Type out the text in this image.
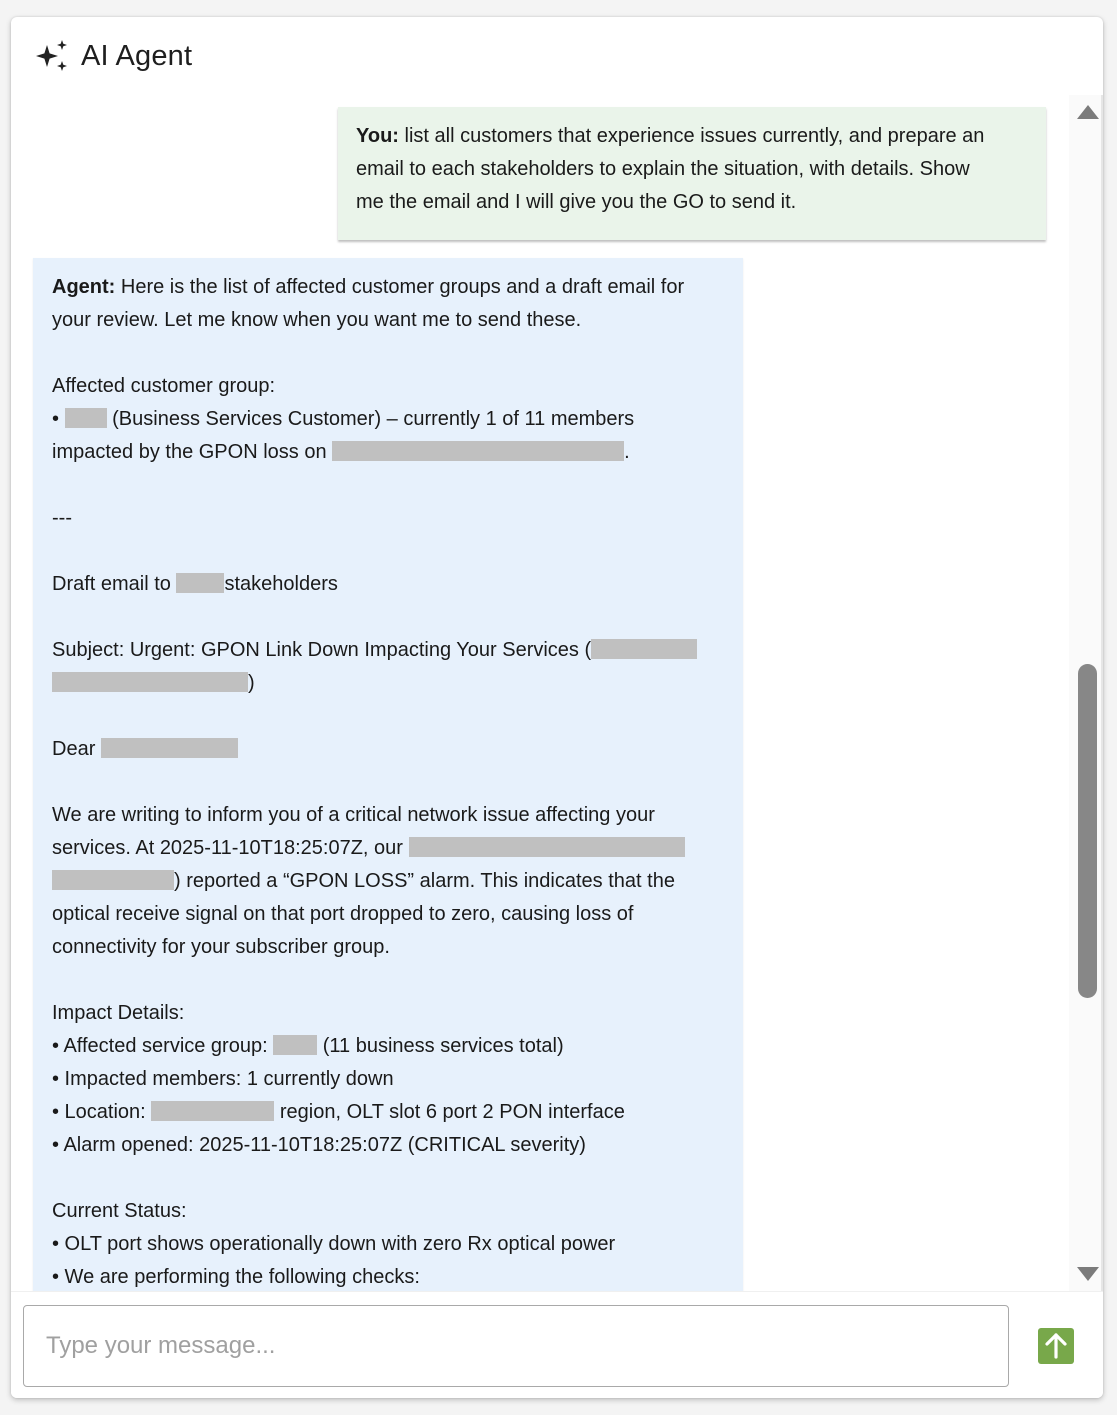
AI Agent
You: list all customers that experience issues currently, and prepare an
email to each stakeholders to explain the situation, with details. Show
me the email and I will give you the GO to send it.
Agent: Here is the list of affected customer groups and a draft email for
your review. Let me know when you want me to send these.
Affected customer group:
•  (Business Services Customer) – currently 1 of 11 members
impacted by the GPON loss on	.
---
Draft email to stakeholders
Subject: Urgent: GPON Link Down Impacting Your Services (
)
Dear
We are writing to inform you of a critical network issue affecting your
services. At 2025-11-10T18:25:07Z, our
) reported a “GPON LOSS” alarm. This indicates that the
optical receive signal on that port dropped to zero, causing loss of
connectivity for your subscriber group.
Impact Details:
• Affected service group:  (11 business services total)
• Impacted members: 1 currently down
• Location:	region, OLT slot 6 port 2 PON interface
• Alarm opened: 2025-11-10T18:25:07Z (CRITICAL severity)
Current Status:
• OLT port shows operationally down with zero Rx optical power
• We are performing the following checks:
Type your message...
